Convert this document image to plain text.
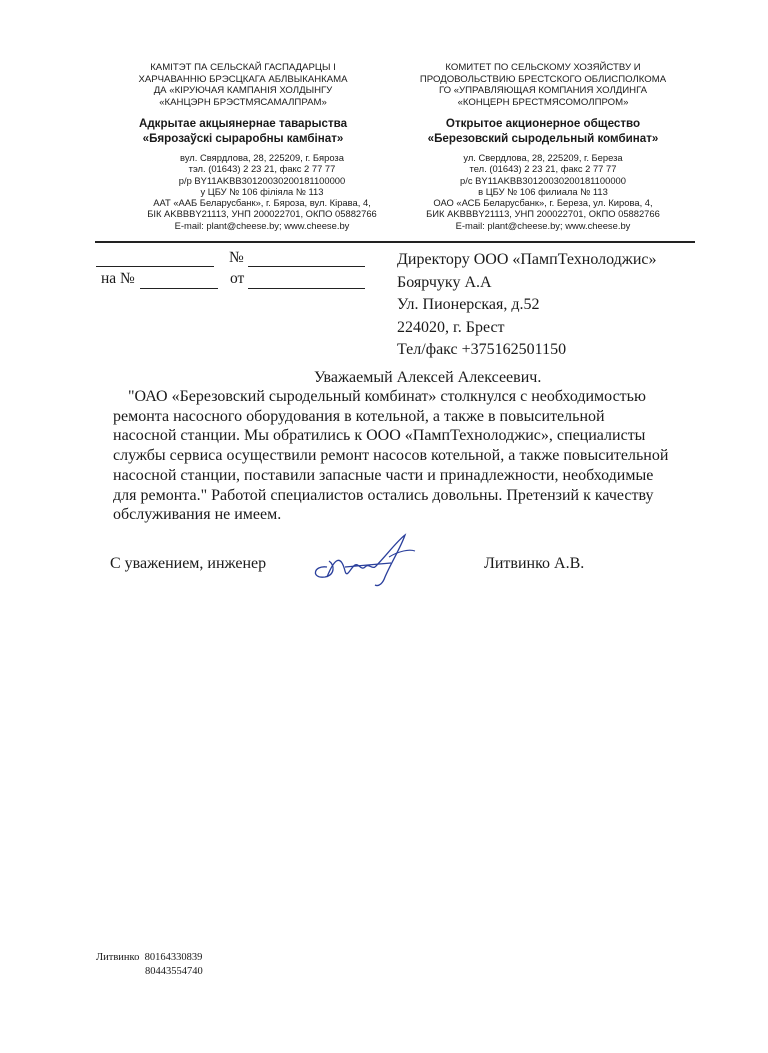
КАМІТЭТ ПА СЕЛЬСКАЙ ГАСПАДАРЦЫ І
ХАРЧАВАННЮ БРЭСЦКАГА АБЛВЫКАНКАМА
ДА «КІРУЮЧАЯ КАМПАНІЯ ХОЛДЫНГУ
«КАНЦЭРН БРЭСТМЯСАМАЛПРАМ»
Адкрытае акцыянернае таварыства
«Бярозаўскі сыраробны камбінат»
вул. Свярдлова, 28, 225209, г. Бяроза
тэл. (01643) 2 23 21, факс 2 77 77
р/р BY11AKBB30120030200181100000
у ЦБУ № 106 філіяла № 113
ААТ «ААБ Беларусбанк», г. Бяроза, вул. Кірава, 4,
БІК AKBBBY21113, УНП 200022701, ОКПО 05882766
E-mail: plant@cheese.by; www.cheese.by
КОМИТЕТ ПО СЕЛЬСКОМУ ХОЗЯЙСТВУ И
ПРОДОВОЛЬСТВИЮ БРЕСТСКОГО ОБЛИСПОЛКОМА
ГО «УПРАВЛЯЮЩАЯ КОМПАНИЯ ХОЛДИНГА
«КОНЦЕРН БРЕСТМЯСОМОЛПРОМ»
Открытое акционерное общество
«Березовский сыродельный комбинат»
ул. Свердлова, 28, 225209, г. Береза
тел. (01643) 2 23 21, факс 2 77 77
р/с BY11AKBB30120030200181100000
в ЦБУ № 106 филиала № 113
ОАО «АСБ Беларусбанк», г. Береза, ул. Кирова, 4,
БИК AKBBBY21113, УНП 200022701, ОКПО 05882766
E-mail: plant@cheese.by; www.cheese.by
№
на №	от
Директору ООО «ПампТехнолоджис»
Боярчуку А.А
Ул. Пионерская, д.52
224020, г. Брест
Тел/факс +375162501150
Уважаемый Алексей Алексеевич.
"ОАО «Березовский сыродельный комбинат» столкнулся с необходимостью
ремонта насосного оборудования в котельной, а также в повысительной
насосной станции. Мы обратились к ООО «ПампТехнолоджис», специалисты
службы сервиса осуществили ремонт насосов котельной, а также повысительной
насосной станции, поставили запасные части и принадлежности, необходимые
для ремонта." Работой специалистов остались довольны. Претензий к качеству
обслуживания не имеем.
С уважением, инженер	Литвинко А.В.
Литвинко 80164330839
80443554740
